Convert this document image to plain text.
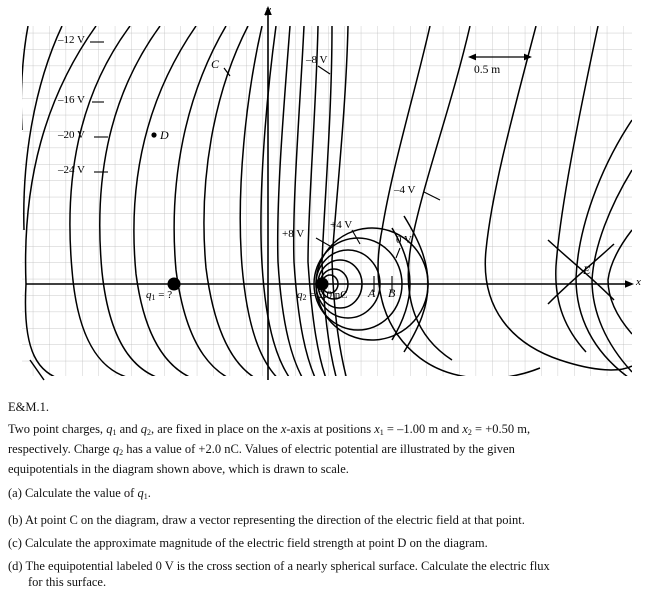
y
x
–12 V
–16 V
–20 V
–24 V
–8 V
–4 V
+8 V
+4 V
0 V
C
D
A B
E
$q_1$ = ?	$q_2 = 2.0$ nC
0.5 m
E&M.1.

Two point charges, $q_1$ and $q_2$, are fixed in place on the x-axis at positions $x_1 = -1.00$ m and $x_2 = +0.50$ m,
respectively. Charge $q_2$ has a value of +2.0 nC. Values of electric potential are illustrated by the given
equipotentials in the diagram shown above, which is drawn to scale.

(a) Calculate the value of $q_1$.

(b) At point C on the diagram, draw a vector representing the direction of the electric field at that point.

(c) Calculate the approximate magnitude of the electric field strength at point D on the diagram.

(d) The equipotential labeled 0 V is the cross section of a nearly spherical surface. Calculate the electric flux

for this surface.
